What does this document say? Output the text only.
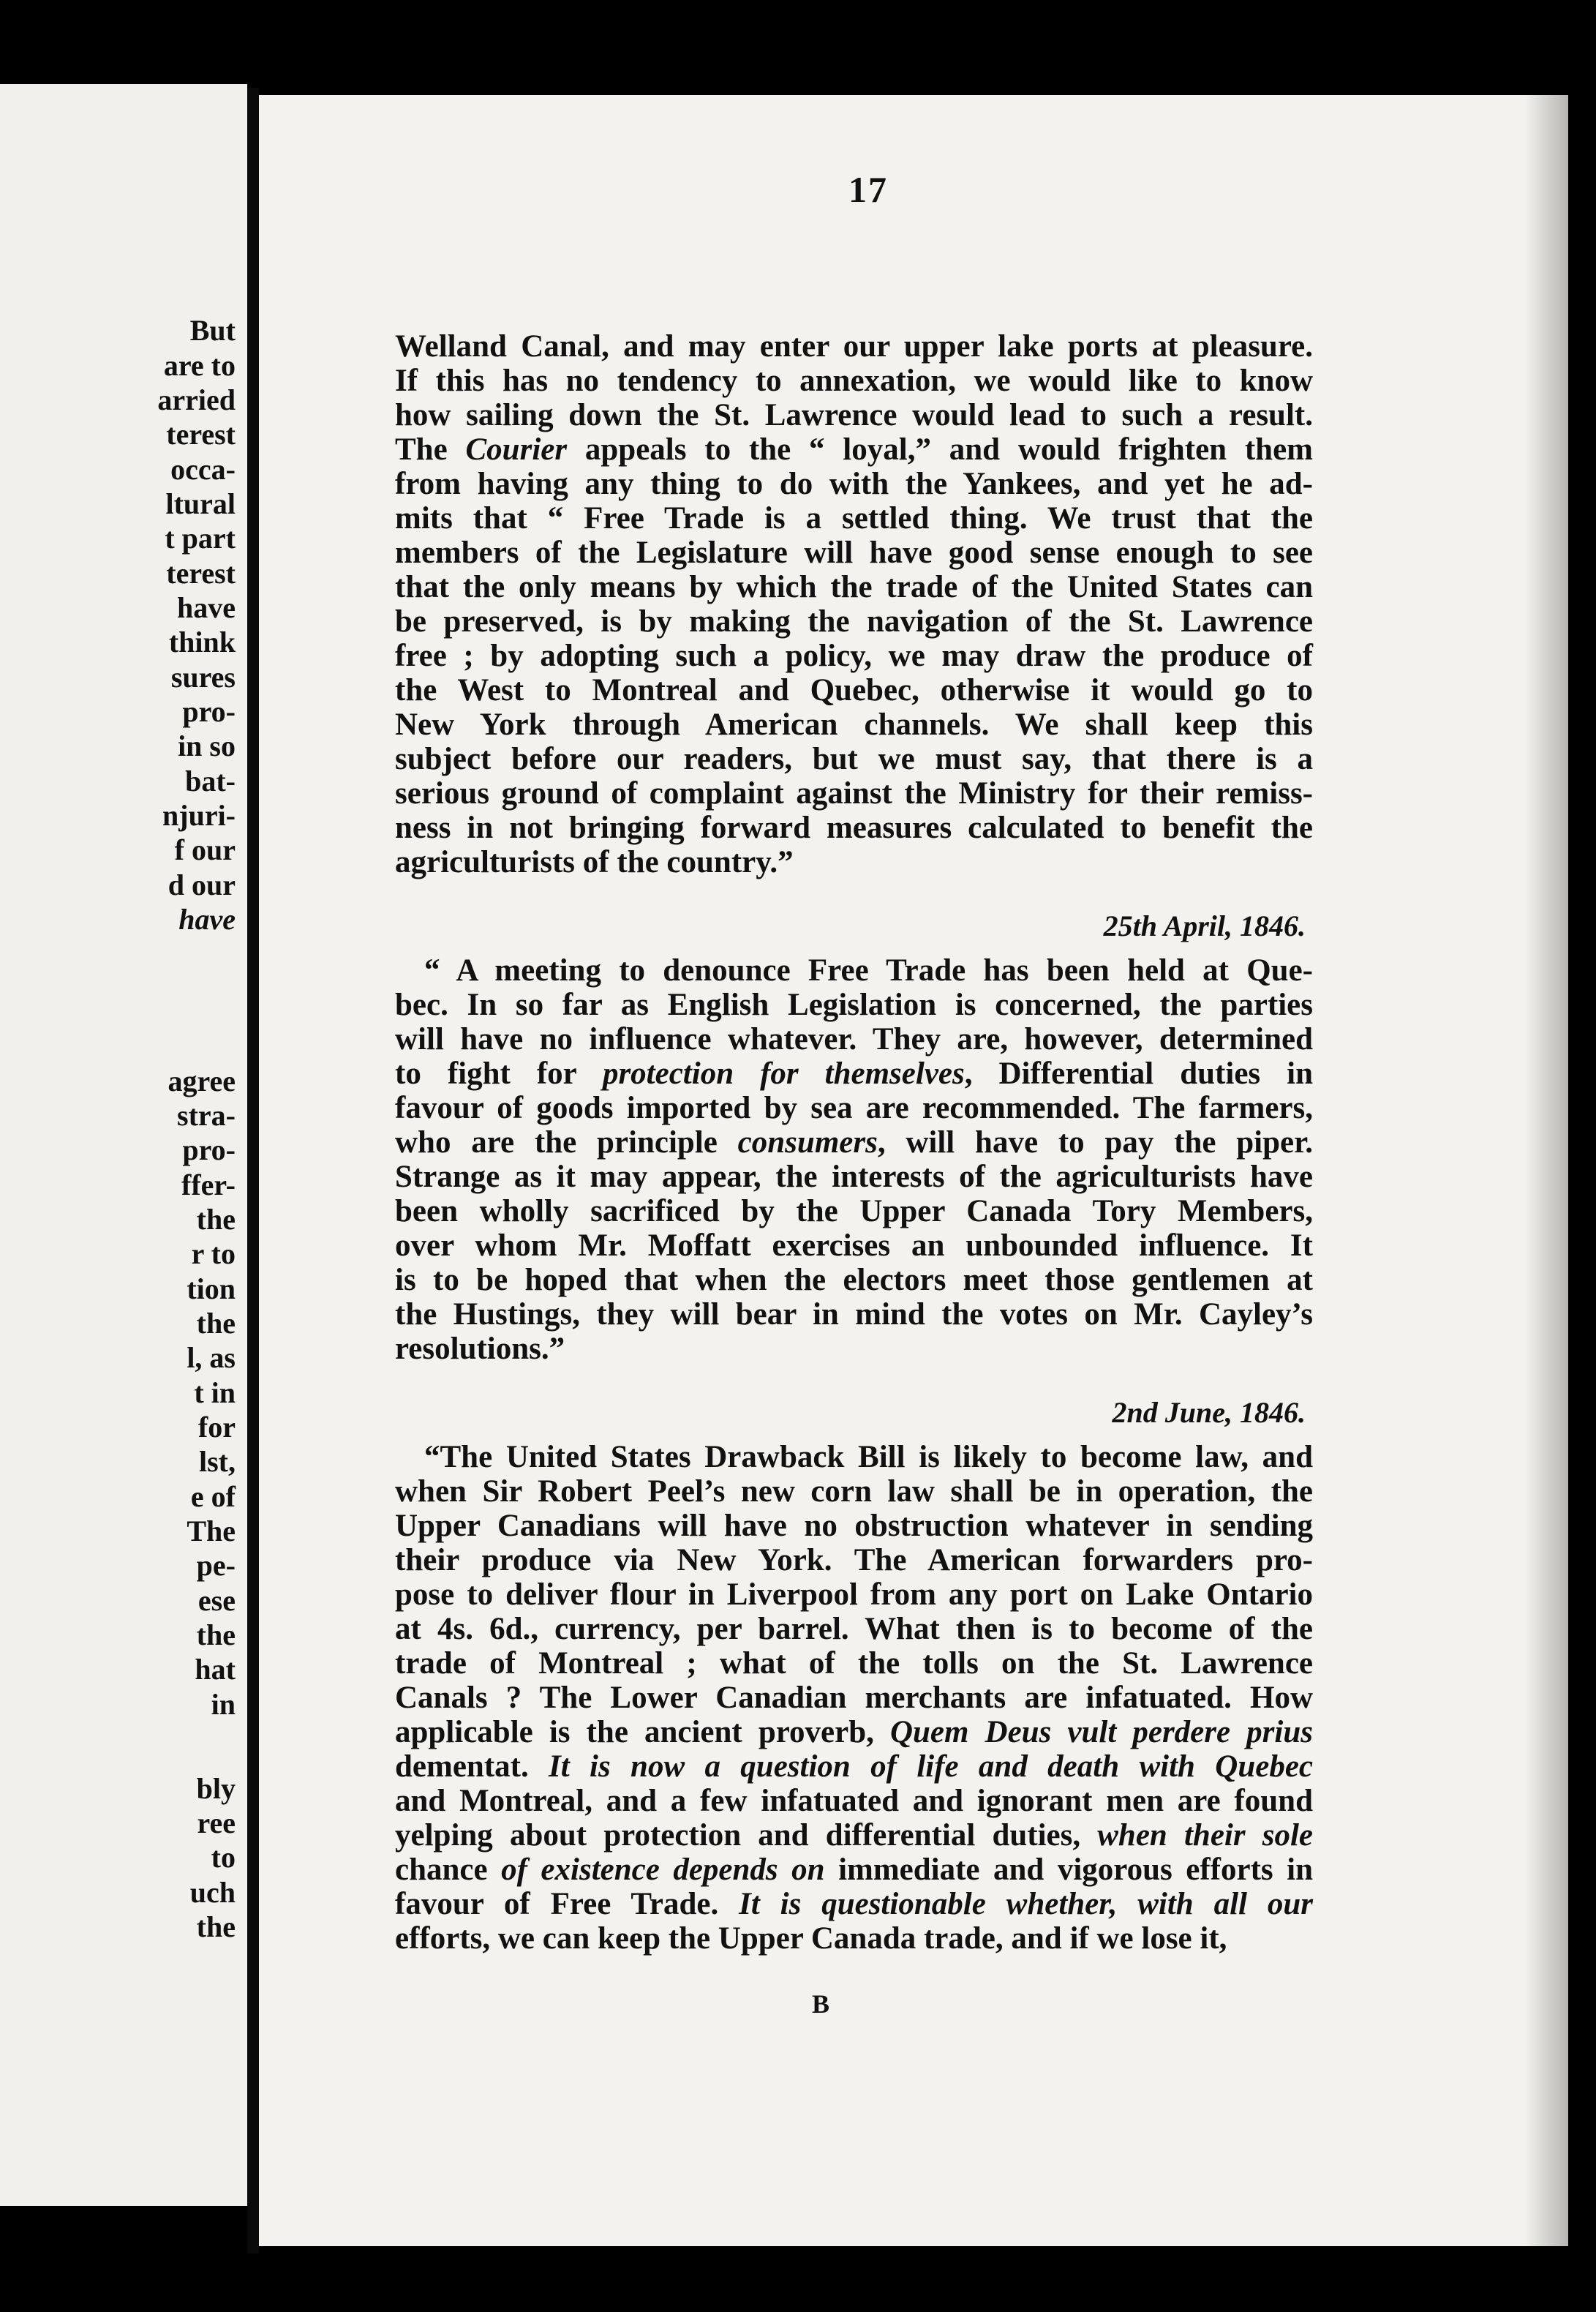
But
are to
arried
terest
occa-
ltural
t part
terest
have
think
sures
pro-
in so
bat-
njuri-
f our
d our
have
agree
stra-
pro-
ffer-
the
r to
tion
the
l, as
t in
for
lst,
e of
The
pe-
ese
the
hat
in
bly
ree
to
uch
the
17
Welland Canal, and may enter our upper lake ports at pleasure.
If this has no tendency to annexation, we would like to know
how sailing down the St. Lawrence would lead to such a result.
The Courier appeals to the “ loyal,” and would frighten them
from having any thing to do with the Yankees, and yet he ad-
mits that “ Free Trade is a settled thing. We trust that the
members of the Legislature will have good sense enough to see
that the only means by which the trade of the United States can
be preserved, is by making the navigation of the St. Lawrence
free ; by adopting such a policy, we may draw the produce of
the West to Montreal and Quebec, otherwise it would go to
New York through American channels. We shall keep this
subject before our readers, but we must say, that there is a
serious ground of complaint against the Ministry for their remiss-
ness in not bringing forward measures calculated to benefit the
agriculturists of the country.”
25th April, 1846.
“ A meeting to denounce Free Trade has been held at Que-
bec. In so far as English Legislation is concerned, the parties
will have no influence whatever. They are, however, determined
to fight for protection for themselves, Differential duties in
favour of goods imported by sea are recommended. The farmers,
who are the principle consumers, will have to pay the piper.
Strange as it may appear, the interests of the agriculturists have
been wholly sacrificed by the Upper Canada Tory Members,
over whom Mr. Moffatt exercises an unbounded influence. It
is to be hoped that when the electors meet those gentlemen at
the Hustings, they will bear in mind the votes on Mr. Cayley’s
resolutions.”
2nd June, 1846.
“The United States Drawback Bill is likely to become law, and
when Sir Robert Peel’s new corn law shall be in operation, the
Upper Canadians will have no obstruction whatever in sending
their produce via New York. The American forwarders pro-
pose to deliver flour in Liverpool from any port on Lake Ontario
at 4s. 6d., currency, per barrel. What then is to become of the
trade of Montreal ; what of the tolls on the St. Lawrence
Canals ? The Lower Canadian merchants are infatuated. How
applicable is the ancient proverb, Quem Deus vult perdere prius
dementat. It is now a question of life and death with Quebec
and Montreal, and a few infatuated and ignorant men are found
yelping about protection and differential duties, when their sole
chance of existence depends on immediate and vigorous efforts in
favour of Free Trade. It is questionable whether, with all our
efforts, we can keep the Upper Canada trade, and if we lose it,
B
